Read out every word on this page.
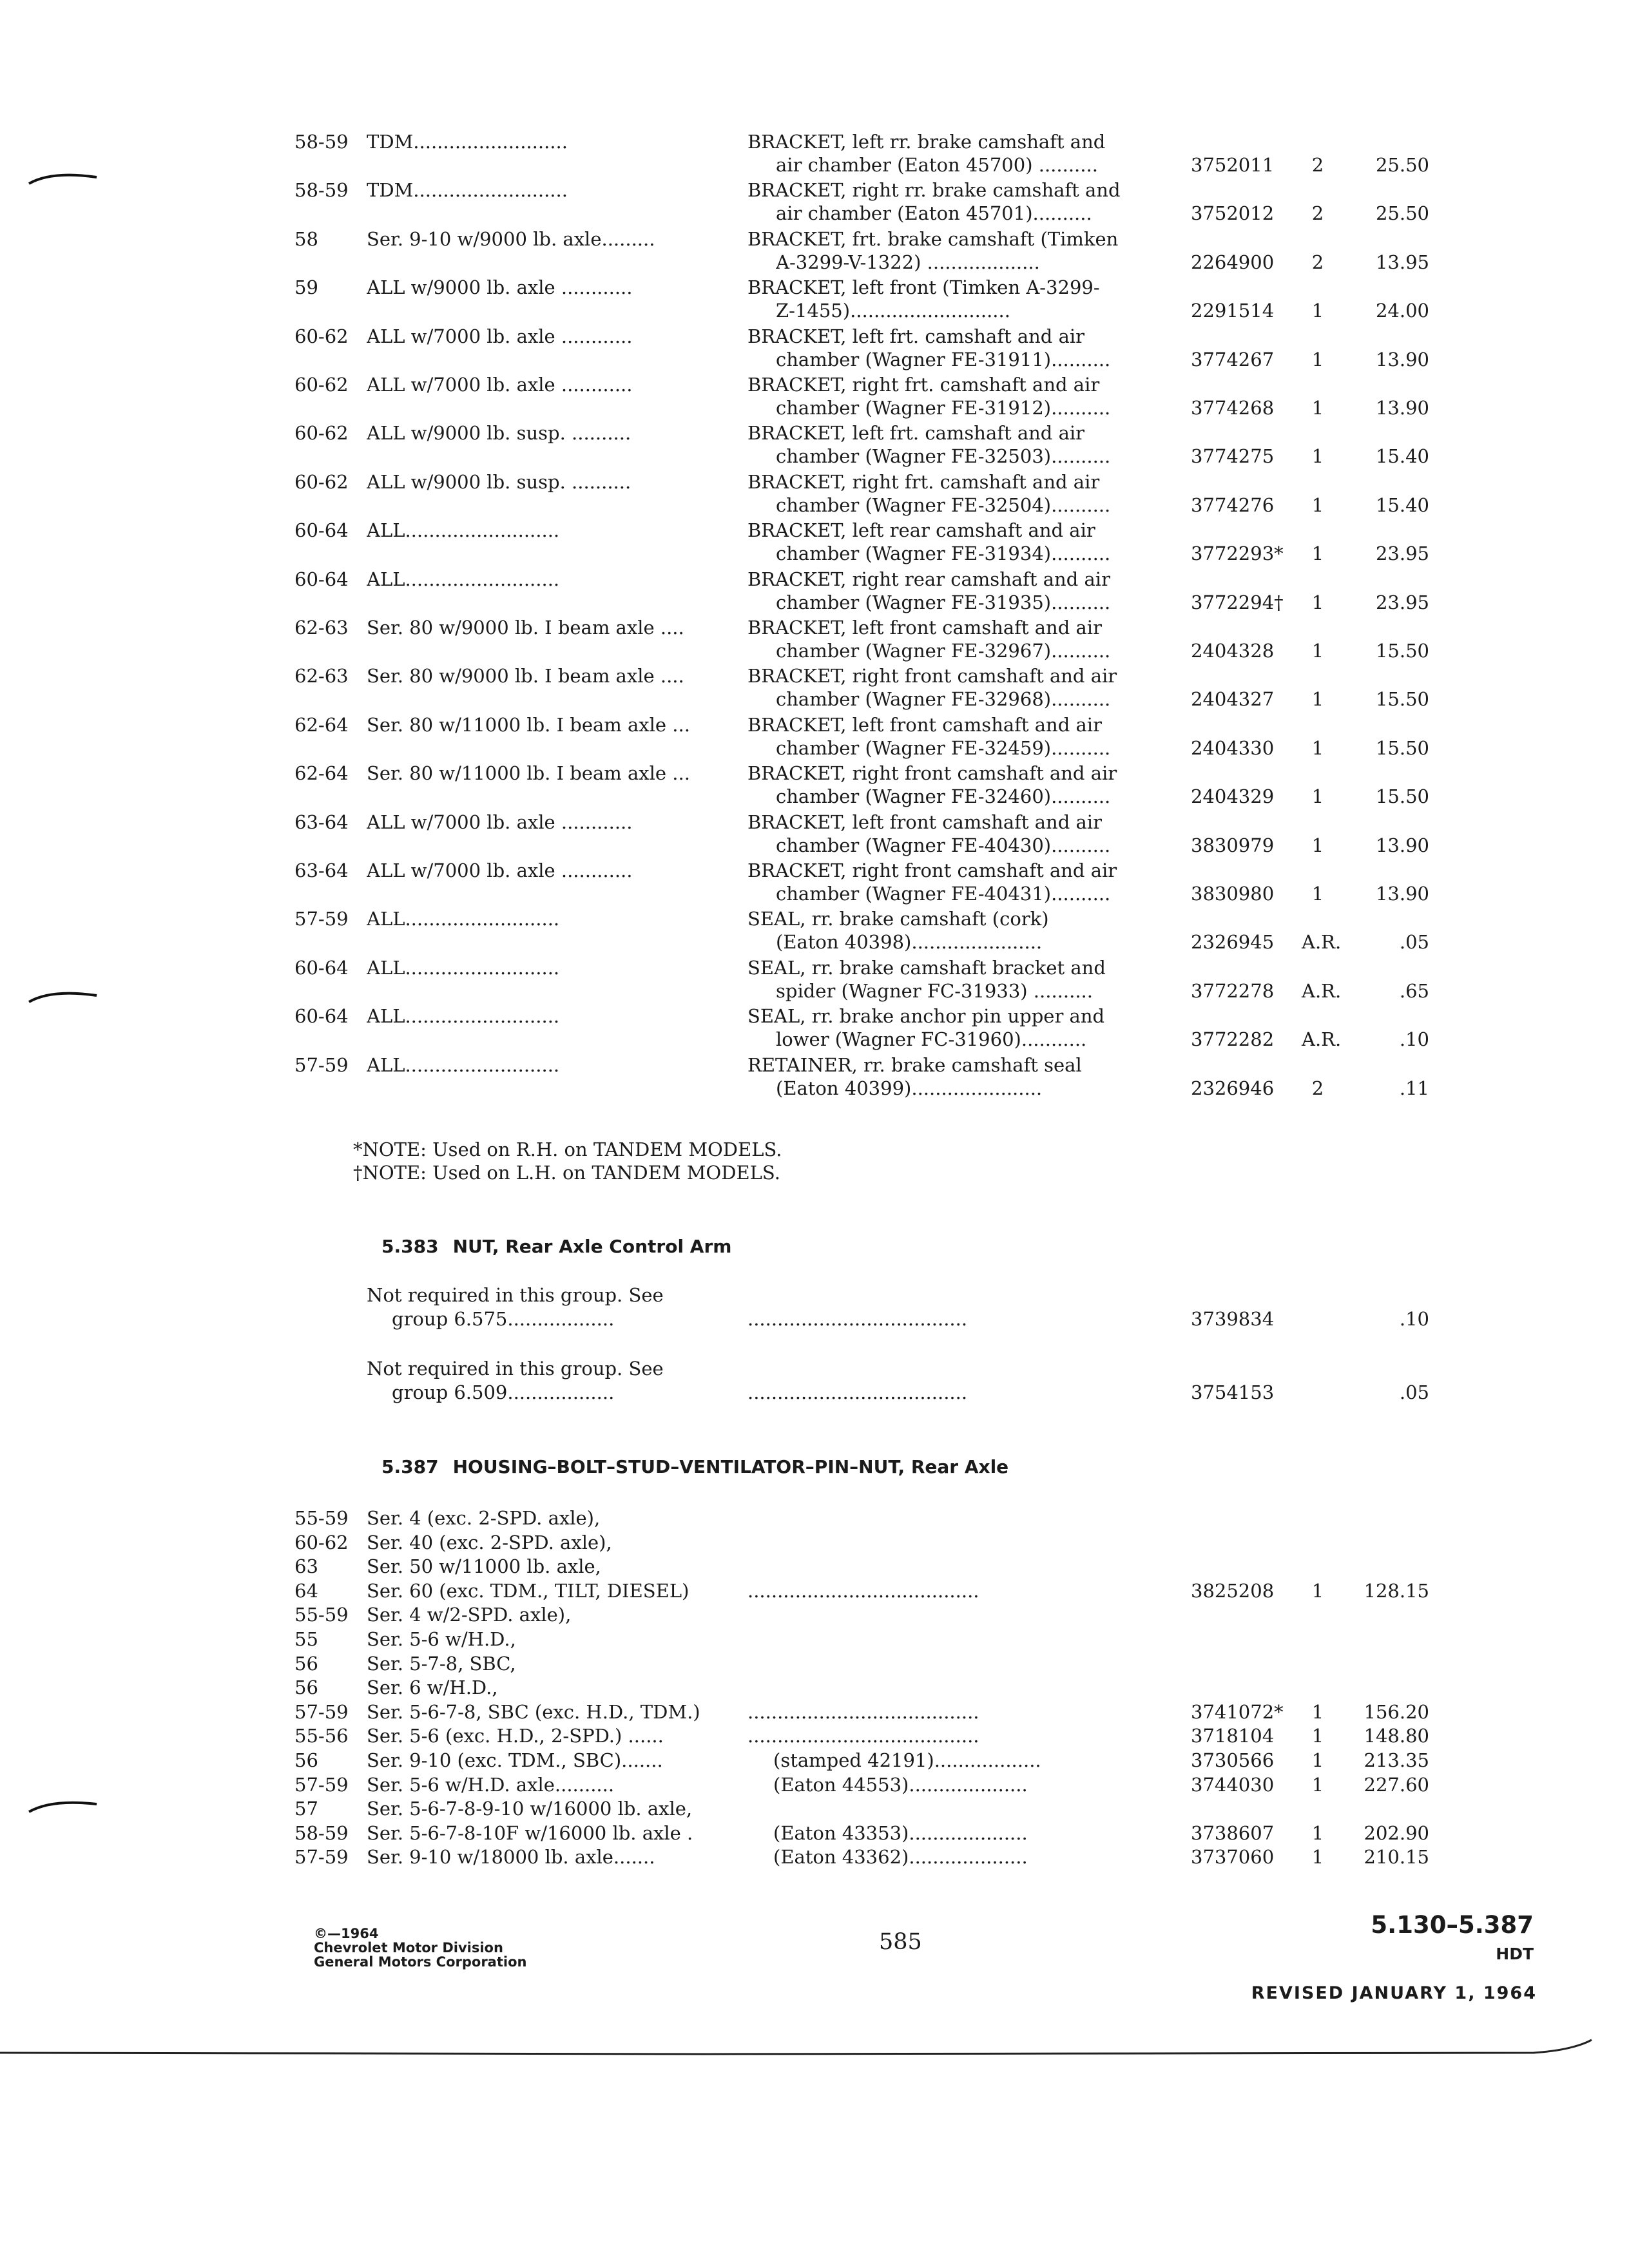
58-59 TDM..........................	BRACKET, left rr. brake camshaft and
air chamber (Eaton 45700) ..........	3752011	2	25.50
58-59 TDM..........................	BRACKET, right rr. brake camshaft and
air chamber (Eaton 45701)..........	3752012	2	25.50
58	Ser. 9-10 w/9000 lb. axle.........	BRACKET, frt. brake camshaft (Timken
A-3299-V-1322) ...................	2264900	2	13.95
59	ALL w/9000 lb. axle ............	BRACKET, left front (Timken A-3299-
Z-1455)...........................	2291514	1	24.00
60-62 ALL w/7000 lb. axle ............	BRACKET, left frt. camshaft and air
chamber (Wagner FE-31911)..........	3774267	1	13.90
60-62 ALL w/7000 lb. axle ............	BRACKET, right frt. camshaft and air
chamber (Wagner FE-31912)..........	3774268	1	13.90
60-62 ALL w/9000 lb. susp. ..........	BRACKET, left frt. camshaft and air
chamber (Wagner FE-32503)..........	3774275	1	15.40
60-62 ALL w/9000 lb. susp. ..........	BRACKET, right frt. camshaft and air
chamber (Wagner FE-32504)..........	3774276	1	15.40
60-64 ALL..........................	BRACKET, left rear camshaft and air
chamber (Wagner FE-31934)..........	3772293*	1	23.95
60-64 ALL..........................	BRACKET, right rear camshaft and air
chamber (Wagner FE-31935)..........	3772294†	1	23.95
62-63 Ser. 80 w/9000 lb. I beam axle ....	BRACKET, left front camshaft and air
chamber (Wagner FE-32967)..........	2404328	1	15.50
62-63 Ser. 80 w/9000 lb. I beam axle ....	BRACKET, right front camshaft and air
chamber (Wagner FE-32968)..........	2404327	1	15.50
62-64 Ser. 80 w/11000 lb. I beam axle ...	BRACKET, left front camshaft and air
chamber (Wagner FE-32459)..........	2404330	1	15.50
62-64 Ser. 80 w/11000 lb. I beam axle ...	BRACKET, right front camshaft and air
chamber (Wagner FE-32460)..........	2404329	1	15.50
63-64 ALL w/7000 lb. axle ............	BRACKET, left front camshaft and air
chamber (Wagner FE-40430)..........	3830979	1	13.90
63-64 ALL w/7000 lb. axle ............	BRACKET, right front camshaft and air
chamber (Wagner FE-40431)..........	3830980	1	13.90
57-59 ALL..........................	SEAL, rr. brake camshaft (cork)
(Eaton 40398)......................	2326945 A.R.	.05
60-64 ALL..........................	SEAL, rr. brake camshaft bracket and
spider (Wagner FC-31933) ..........	3772278 A.R.	.65
60-64 ALL..........................	SEAL, rr. brake anchor pin upper and
lower (Wagner FC-31960)...........	3772282 A.R.	.10
57-59 ALL..........................	RETAINER, rr. brake camshaft seal
(Eaton 40399)......................	2326946	2	.11
*NOTE: Used on R.H. on TANDEM MODELS.
†NOTE: Used on L.H. on TANDEM MODELS.
5.383 NUT, Rear Axle Control Arm
Not required in this group. See
group 6.575..................	.....................................	3739834	.10
Not required in this group. See
group 6.509..................	.....................................	3754153	.05
5.387 HOUSING–BOLT–STUD–VENTILATOR–PIN–NUT, Rear Axle
55-59 Ser. 4 (exc. 2-SPD. axle),
60-62 Ser. 40 (exc. 2-SPD. axle),
63	Ser. 50 w/11000 lb. axle,
64	Ser. 60 (exc. TDM., TILT, DIESEL)	.......................................	3825208	1	128.15
55-59 Ser. 4 w/2-SPD. axle),
55	Ser. 5-6 w/H.D.,
56	Ser. 5-7-8, SBC,
56	Ser. 6 w/H.D.,
57-59 Ser. 5-6-7-8, SBC (exc. H.D., TDM.)	.......................................	3741072*	1	156.20
55-56 Ser. 5-6 (exc. H.D., 2-SPD.) ......	.......................................	3718104	1	148.80
56	Ser. 9-10 (exc. TDM., SBC).......	(stamped 42191)..................	3730566	1	213.35
57-59 Ser. 5-6 w/H.D. axle..........	(Eaton 44553)....................	3744030	1	227.60
57	Ser. 5-6-7-8-9-10 w/16000 lb. axle,
58-59 Ser. 5-6-7-8-10F w/16000 lb. axle .	(Eaton 43353)....................	3738607	1	202.90
57-59 Ser. 9-10 w/18000 lb. axle.......	(Eaton 43362)....................	3737060	1	210.15
©—1964
Chevrolet Motor Division
General Motors Corporation
585
5.130–5.387
HDT
REVISED JANUARY 1, 1964
